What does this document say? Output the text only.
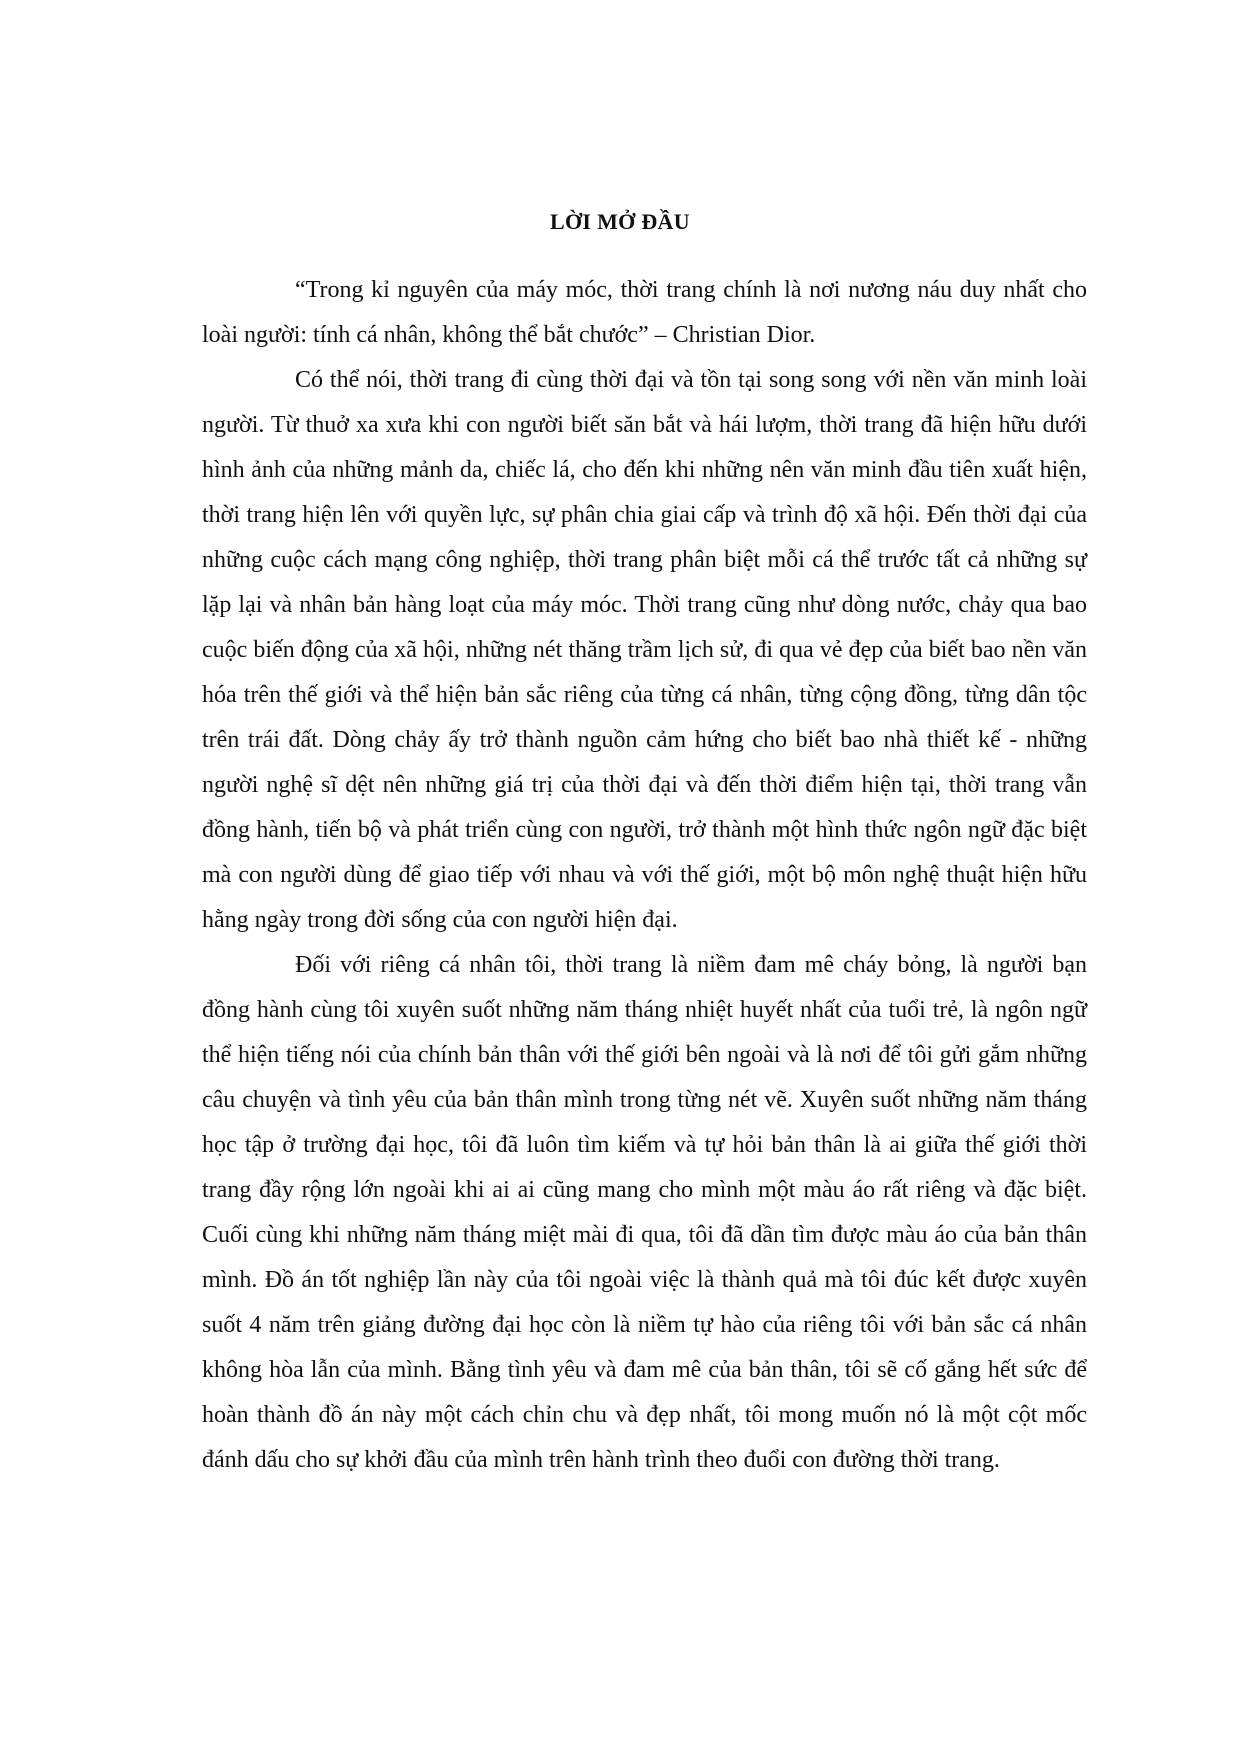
LỜI MỞ ĐẦU

“Trong kỉ nguyên của máy móc, thời trang chính là nơi nương náu duy nhất cho loài người: tính cá nhân, không thể bắt chước” – Christian Dior.

Có thể nói, thời trang đi cùng thời đại và tồn tại song song với nền văn minh loài người. Từ thuở xa xưa khi con người biết săn bắt và hái lượm, thời trang đã hiện hữu dưới hình ảnh của những mảnh da, chiếc lá, cho đến khi những nên văn minh đầu tiên xuất hiện, thời trang hiện lên với quyền lực, sự phân chia giai cấp và trình độ xã hội. Đến thời đại của những cuộc cách mạng công nghiệp, thời trang phân biệt mỗi cá thể trước tất cả những sự lặp lại và nhân bản hàng loạt của máy móc. Thời trang cũng như dòng nước, chảy qua bao cuộc biến động của xã hội, những nét thăng trầm lịch sử, đi qua vẻ đẹp của biết bao nền văn hóa trên thế giới và thể hiện bản sắc riêng của từng cá nhân, từng cộng đồng, từng dân tộc trên trái đất. Dòng chảy ấy trở thành nguồn cảm hứng cho biết bao nhà thiết kế - những người nghệ sĩ dệt nên những giá trị của thời đại và đến thời điểm hiện tại, thời trang vẫn đồng hành, tiến bộ và phát triển cùng con người, trở thành một hình thức ngôn ngữ đặc biệt mà con người dùng để giao tiếp với nhau và với thế giới, một bộ môn nghệ thuật hiện hữu hằng ngày trong đời sống của con người hiện đại.

Đối với riêng cá nhân tôi, thời trang là niềm đam mê cháy bỏng, là người bạn đồng hành cùng tôi xuyên suốt những năm tháng nhiệt huyết nhất của tuổi trẻ, là ngôn ngữ thể hiện tiếng nói của chính bản thân với thế giới bên ngoài và là nơi để tôi gửi gắm những câu chuyện và tình yêu của bản thân mình trong từng nét vẽ. Xuyên suốt những năm tháng học tập ở trường đại học, tôi đã luôn tìm kiếm và tự hỏi bản thân là ai giữa thế giới thời trang đầy rộng lớn ngoài khi ai ai cũng mang cho mình một màu áo rất riêng và đặc biệt. Cuối cùng khi những năm tháng miệt mài đi qua, tôi đã dần tìm được màu áo của bản thân mình. Đồ án tốt nghiệp lần này của tôi ngoài việc là thành quả mà tôi đúc kết được xuyên suốt 4 năm trên giảng đường đại học còn là niềm tự hào của riêng tôi với bản sắc cá nhân không hòa lẫn của mình. Bằng tình yêu và đam mê của bản thân, tôi sẽ cố gắng hết sức để hoàn thành đồ án này một cách chỉn chu và đẹp nhất, tôi mong muốn nó là một cột mốc đánh dấu cho sự khởi đầu của mình trên hành trình theo đuổi con đường thời trang.
